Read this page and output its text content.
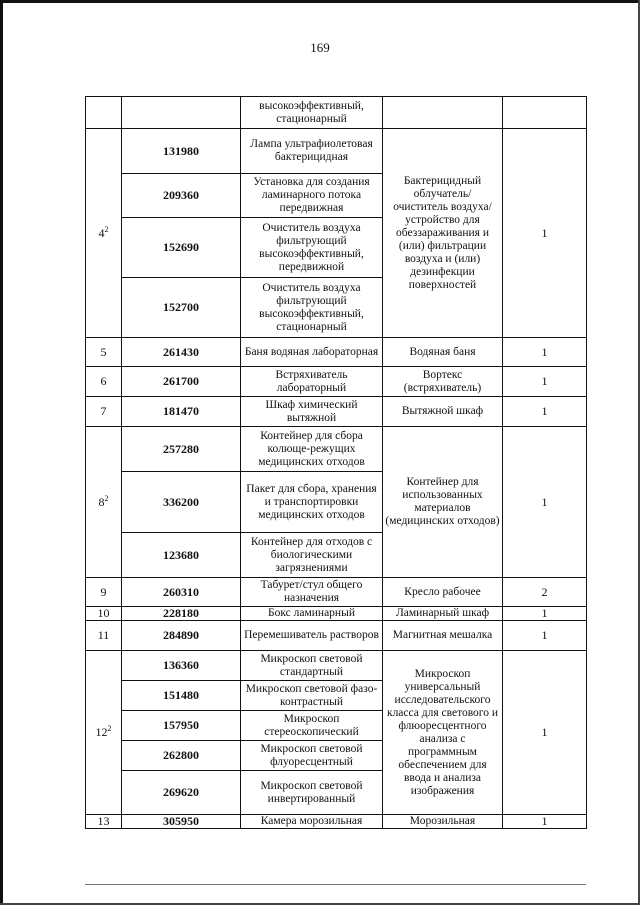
169
		высокоэффективный, стационарный		
$4^2$	131980	Лампа ультрафиолетовая бактерицидная	Бактерицидный облучатель/ очиститель воздуха/ устройство для обеззараживания и (или) фильтрации воздуха и (или) дезинфекции поверхностей	1
	209360	Установка для создания ламинарного потока передвижная		
	152690	Очиститель воздуха фильтрующий высокоэффективный, передвижной		
	152700	Очиститель воздуха фильтрующий высокоэффективный, стационарный		
5	261430	Баня водяная лабораторная	Водяная баня	1
6	261700	Встряхиватель лабораторный	Вортекс (встряхиватель)	1
7	181470	Шкаф химический вытяжной	Вытяжной шкаф	1
$8^2$	257280	Контейнер для сбора колюще-режущих медицинских отходов	Контейнер для использованных материалов (медицинских отходов)	1
	336200	Пакет для сбора, хранения и транспортировки медицинских отходов		
	123680	Контейнер для отходов с биологическими загрязнениями		
9	260310	Табурет/стул общего назначения	Кресло рабочее	2
10	228180	Бокс ламинарный	Ламинарный шкаф	1
11	284890	Перемешиватель растворов	Магнитная мешалка	1
$12^2$	136360	Микроскоп световой стандартный	Микроскоп универсальный исследовательского класса для светового и флюоресцентного анализа с программным обеспечением для ввода и анализа изображения	1
	151480	Микроскоп световой фазо-контрастный		
	157950	Микроскоп стереоскопический		
	262800	Микроскоп световой флуоресцентный		
	269620	Микроскоп световой инвертированный		
13	305950	Камера морозильная	Морозильная	1
